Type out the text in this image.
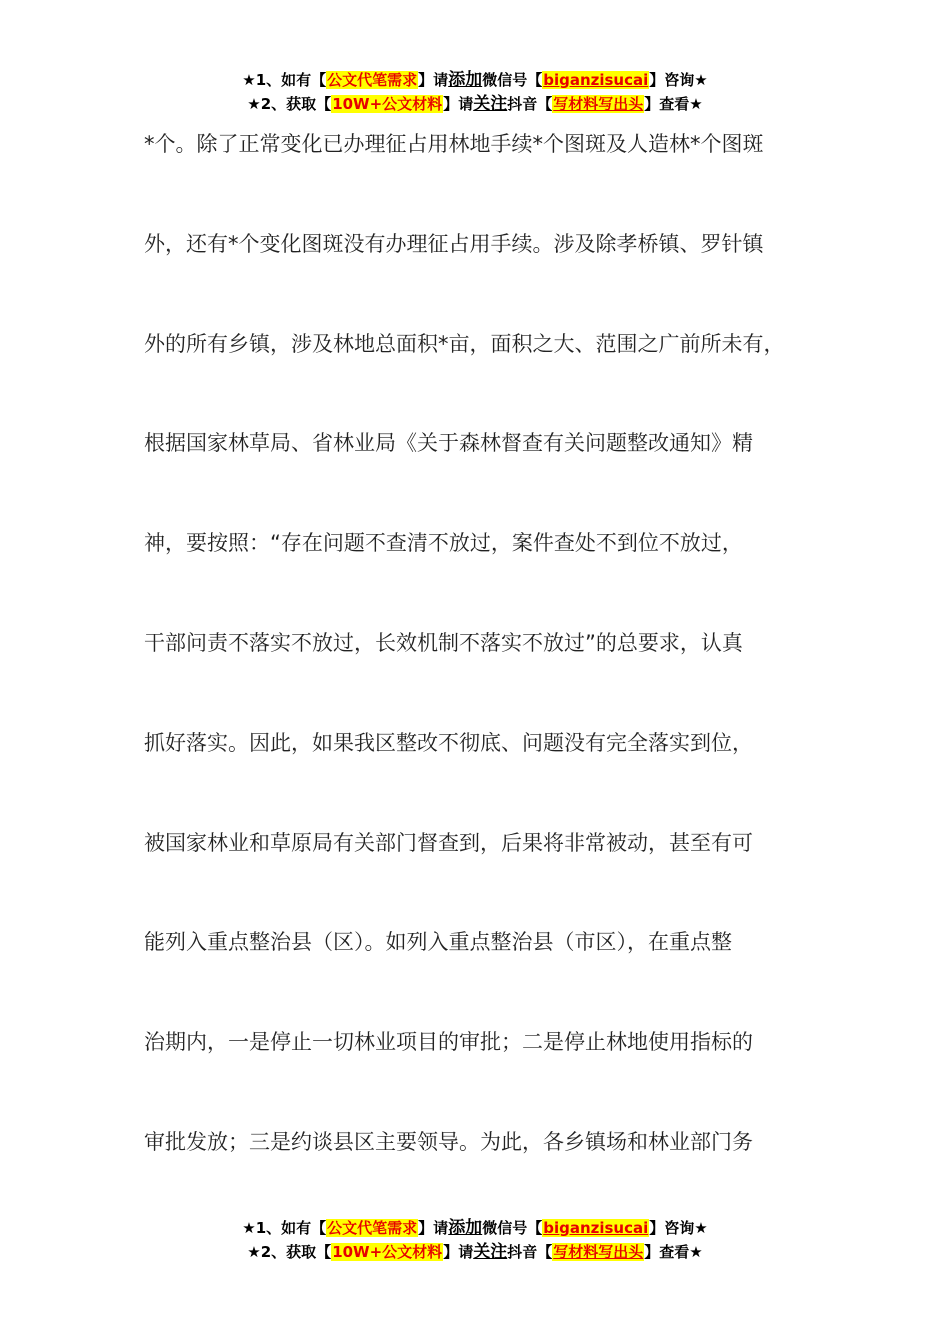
★1、如有【公文代笔需求】请添加微信号【biganzisucai】咨询★
★2、获取【10W+公文材料】请关注抖音【写材料写出头】查看★
*个。除了正常变化已办理征占用林地手续*个图斑及人造林*个图斑
外，还有*个变化图斑没有办理征占用手续。涉及除孝桥镇、罗针镇
外的所有乡镇，涉及林地总面积*亩，面积之大、范围之广前所未有，
根据国家林草局、省林业局《关于森林督查有关问题整改通知》精
神，要按照：“存在问题不查清不放过，案件查处不到位不放过，
干部问责不落实不放过，长效机制不落实不放过”的总要求，认真
抓好落实。因此，如果我区整改不彻底、问题没有完全落实到位，
被国家林业和草原局有关部门督查到，后果将非常被动，甚至有可
能列入重点整治县（区）。如列入重点整治县（市区），在重点整
治期内，一是停止一切林业项目的审批；二是停止林地使用指标的
审批发放；三是约谈县区主要领导。为此，各乡镇场和林业部门务
★1、如有【公文代笔需求】请添加微信号【biganzisucai】咨询★
★2、获取【10W+公文材料】请关注抖音【写材料写出头】查看★
